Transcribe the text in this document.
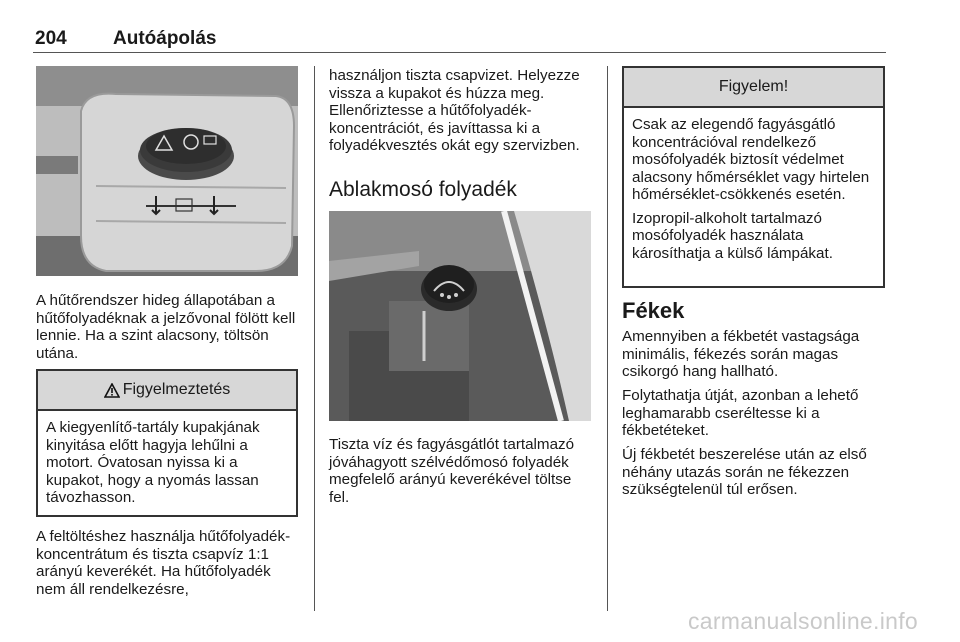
204 Autóápolás

A hűtőrendszer hideg állapotában a hűtőfolyadéknak a jelzővonal fölött kell lennie. Ha a szint alacsony, töltsön utána.

Figyelmeztetés

A kiegyenlítő-tartály kupakjának kinyitása előtt hagyja lehűlni a motort. Óvatosan nyissa ki a kupakot, hogy a nyomás lassan távozhasson.

A feltöltéshez használja hűtőfolyadék-koncentrátum és tiszta csapvíz 1:1 arányú keverékét. Ha hűtőfolyadék nem áll rendelkezésre,

használjon tiszta csapvizet. Helyezze vissza a kupakot és húzza meg. Ellenőriztesse a hűtőfolyadék-koncentrációt, és javíttassa ki a folyadékvesztés okát egy szervizben.

Ablakmosó folyadék

Tiszta víz és fagyásgátlót tartalmazó jóváhagyott szélvédőmosó folyadék megfelelő arányú keverékével töltse fel.

Figyelem!

Csak az elegendő fagyásgátló koncentrációval rendelkező mosófolyadék biztosít védelmet alacsony hőmérséklet vagy hirtelen hőmérséklet-csökkenés esetén.

Izopropil-alkoholt tartalmazó mosófolyadék használata károsíthatja a külső lámpákat.

Fékek

Amennyiben a fékbetét vastagsága minimális, fékezés során magas csikorgó hang hallható.

Folytathatja útját, azonban a lehető leghamarabb cseréltesse ki a fékbetéteket.

Új fékbetét beszerelése után az első néhány utazás során ne fékezzen szükségtelenül túl erősen.

carmanualsonline.info
